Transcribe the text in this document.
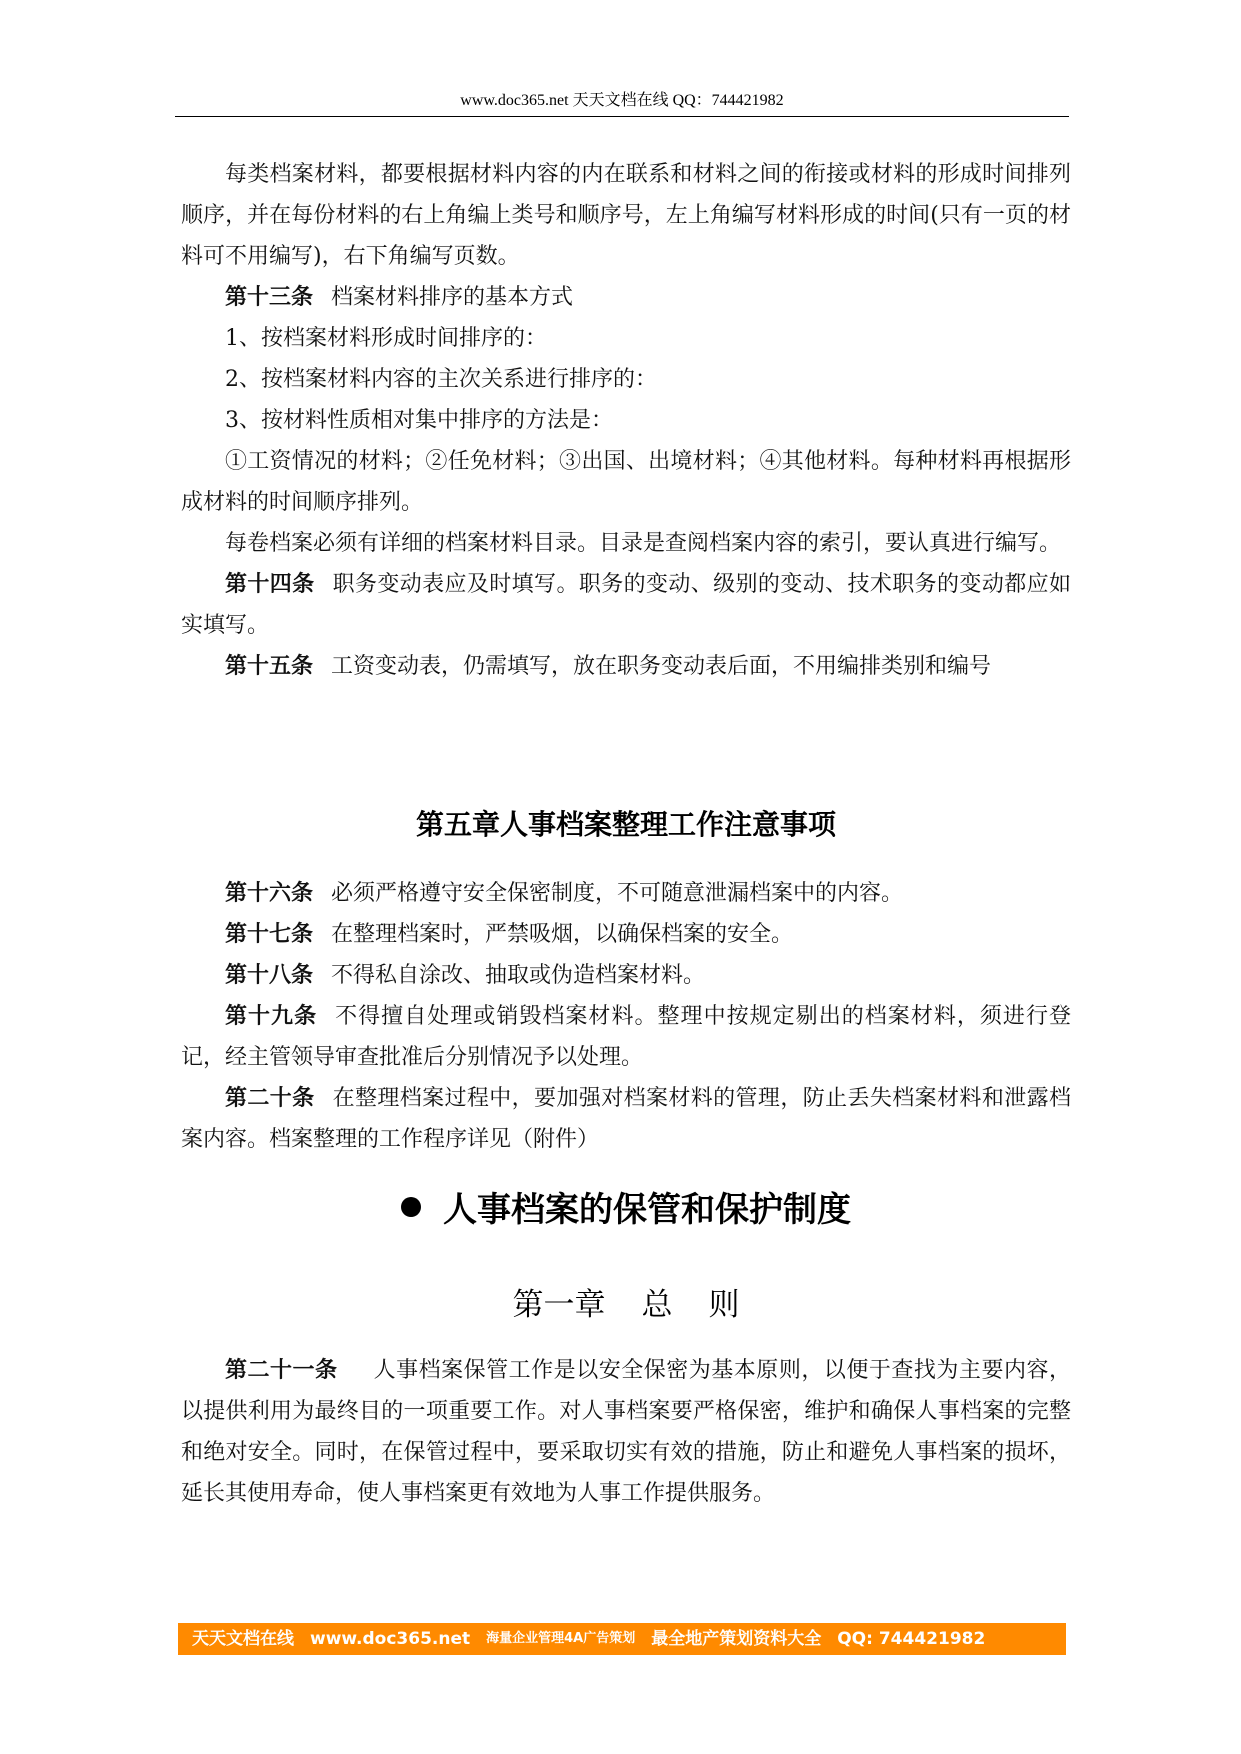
www.doc365.net 天天文档在线 QQ：744421982

每类档案材料，都要根据材料内容的内在联系和材料之间的衔接或材料的形成时间排列顺序，并在每份材料的右上角编上类号和顺序号，左上角编写材料形成的时间(只有一页的材料可不用编写)，右下角编写页数。

第十三条 档案材料排序的基本方式

1、按档案材料形成时间排序的：

2、按档案材料内容的主次关系进行排序的：

3、按材料性质相对集中排序的方法是：

①工资情况的材料；②任免材料；③出国、出境材料；④其他材料。每种材料再根据形成材料的时间顺序排列。

每卷档案必须有详细的档案材料目录。目录是查阅档案内容的索引，要认真进行编写。

第十四条 职务变动表应及时填写。职务的变动、级别的变动、技术职务的变动都应如实填写。

第十五条 工资变动表，仍需填写，放在职务变动表后面，不用编排类别和编号

第五章人事档案整理工作注意事项

第十六条 必须严格遵守安全保密制度，不可随意泄漏档案中的内容。

第十七条 在整理档案时，严禁吸烟，以确保档案的安全。

第十八条 不得私自涂改、抽取或伪造档案材料。

第十九条 不得擅自处理或销毁档案材料。整理中按规定剔出的档案材料，须进行登记，经主管领导审查批准后分别情况予以处理。

第二十条 在整理档案过程中，要加强对档案材料的管理，防止丢失档案材料和泄露档案内容。档案整理的工作程序详见（附件）

人事档案的保管和保护制度
第一章 总 则

第二十一条 人事档案保管工作是以安全保密为基本原则，以便于查找为主要内容，以提供利用为最终目的一项重要工作。对人事档案要严格保密，维护和确保人事档案的完整和绝对安全。同时，在保管过程中，要采取切实有效的措施，防止和避免人事档案的损坏，延长其使用寿命，使人事档案更有效地为人事工作提供服务。

天天文档在线 www.doc365.net 海量企业管理4A广告策划 最全地产策划资料大全 QQ: 744421982
